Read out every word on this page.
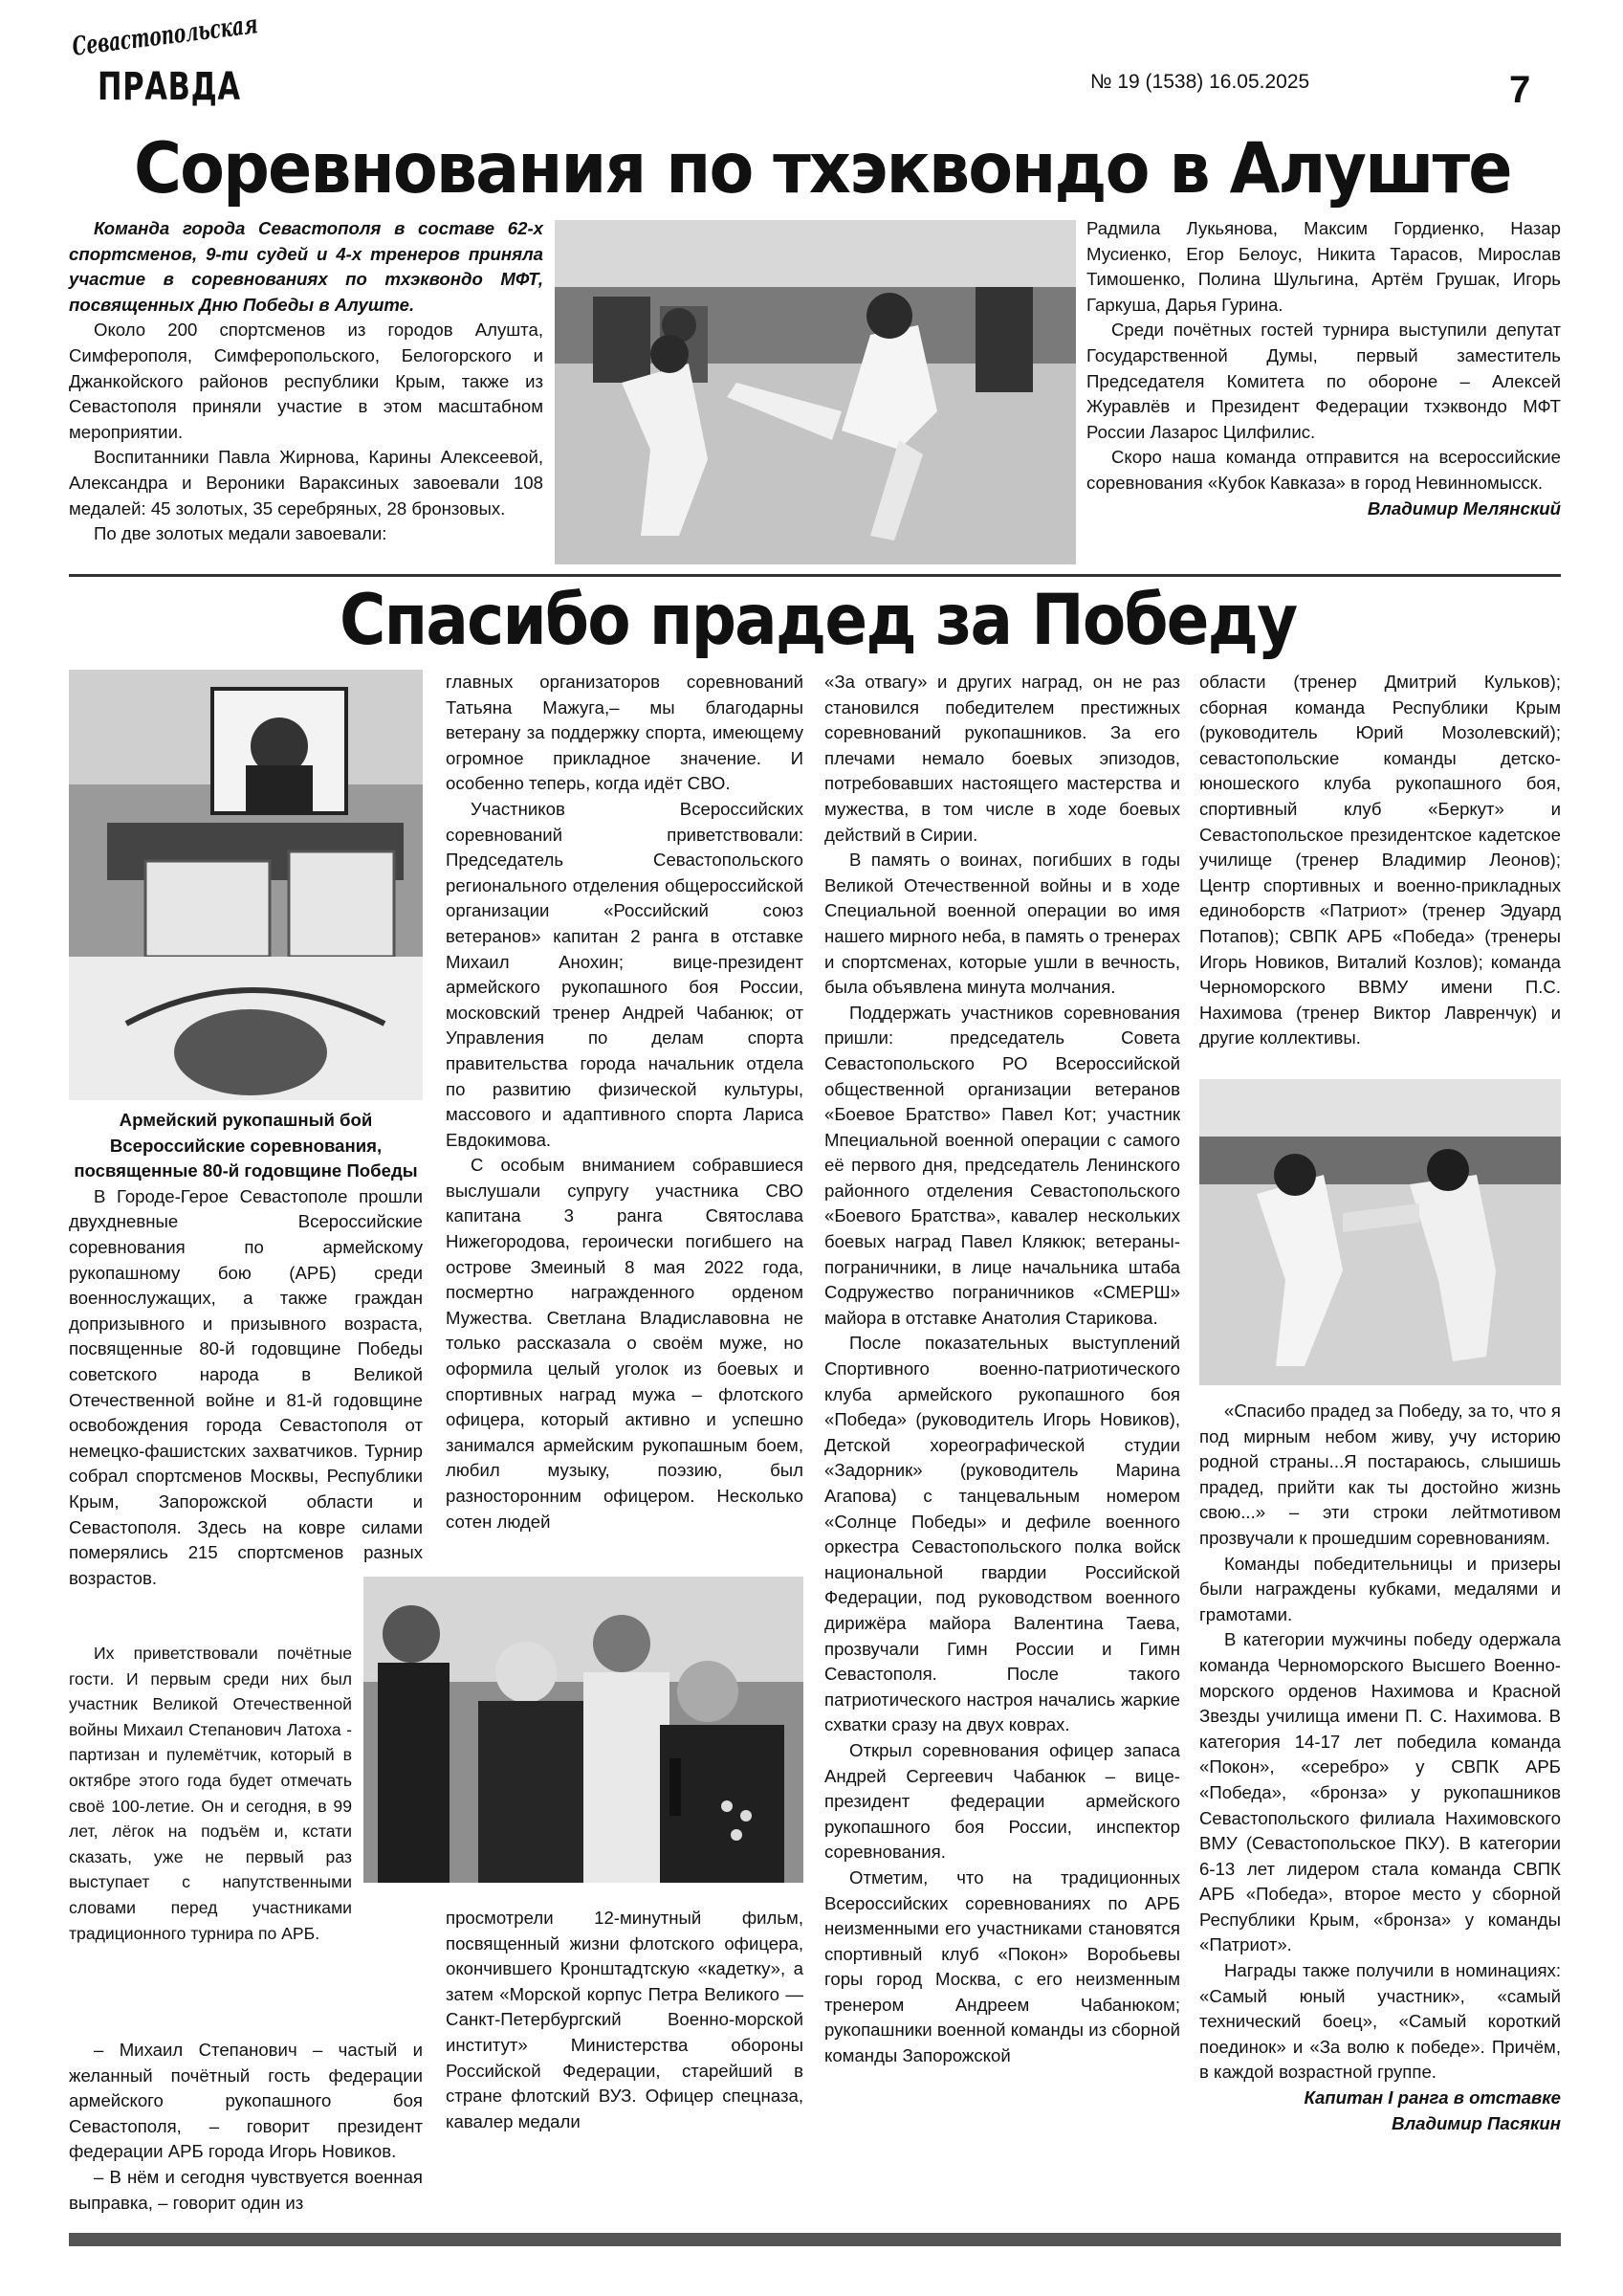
Севастопольская
ПРАВДА	№ 19 (1538) 16.05.2025	7
Соревнования по тхэквондо в Алуште

Команда города Севастополя в составе 62-х спортсменов, 9-ти судей и 4-х тренеров приняла участие в соревнованиях по тхэквондо МФТ, посвященных Дню Победы в Алуште.

Около 200 спортсменов из городов Алушта, Симферополя, Симферопольского, Белогорского и Джанкойского районов республики Крым, также из Севастополя приняли участие в этом масштабном мероприятии.

Воспитанники Павла Жирнова, Карины Алексеевой, Александра и Вероники Вараксиных завоевали 108 медалей: 45 золотых, 35 серебряных, 28 бронзовых.

По две золотых медали завоевали:

Радмила Лукьянова, Максим Гордиенко, Назар Мусиенко, Егор Белоус, Никита Тарасов, Мирослав Тимошенко, Полина Шульгина, Артём Грушак, Игорь Гаркуша, Дарья Гурина.

Среди почётных гостей турнира выступили депутат Государственной Думы, первый заместитель Председателя Комитета по обороне – Алексей Журавлёв и Президент Федерации тхэквондо МФТ России Лазарос Цилфилис.

Скоро наша команда отправится на всероссийские соревнования «Кубок Кавказа» в город Невинномысск.

Владимир Мелянский

Спасибо прадед за Победу

Армейский рукопашный бой Всероссийские соревнования, посвященные 80-й годовщине Победы

В Городе-Герое Севастополе прошли двухдневные Всероссийские соревнования по армейскому рукопашному бою (АРБ) среди военнослужащих, а также граждан допризывного и призывного возраста, посвященные 80-й годовщине Победы советского народа в Великой Отечественной войне и 81-й годовщине освобождения города Севастополя от немецко-фашистских захватчиков. Турнир собрал спортсменов Москвы, Республики Крым, Запорожской области и Севастополя. Здесь на ковре силами померялись 215 спортсменов разных возрастов.

Их приветствовали почётные гости. И первым среди них был участник Великой Отечественной войны Михаил Степанович Латоха - партизан и пулемётчик, который в октябре этого года будет отмечать своё 100-летие. Он и сегодня, в 99 лет, лёгок на подъём и, кстати сказать, уже не первый раз выступает с напутственными словами перед участниками традиционного турнира по АРБ.

– Михаил Степанович – частый и желанный почётный гость федерации армейского рукопашного боя Севастополя, – говорит президент федерации АРБ города Игорь Новиков.

– В нём и сегодня чувствуется военная выправка, – говорит один из

главных организаторов соревнований Татьяна Мажуга,– мы благодарны ветерану за поддержку спорта, имеющему огромное прикладное значение. И особенно теперь, когда идёт СВО.

Участников Всероссийских соревнований приветствовали: Председатель Севастопольского регионального отделения общероссийской организации «Российский союз ветеранов» капитан 2 ранга в отставке Михаил Анохин; вице-президент армейского рукопашного боя России, московский тренер Андрей Чабанюк; от Управления по делам спорта правительства города начальник отдела по развитию физической культуры, массового и адаптивного спорта Лариса Евдокимова.

С особым вниманием собравшиеся выслушали супругу участника СВО капитана 3 ранга Святослава Нижегородова, героически погибшего на острове Змеиный 8 мая 2022 года, посмертно награжденного орденом Мужества. Светлана Владиславовна не только рассказала о своём муже, но оформила целый уголок из боевых и спортивных наград мужа – флотского офицера, который активно и успешно занимался армейским рукопашным боем, любил музыку, поэзию, был разносторонним офицером. Несколько сотен людей

просмотрели 12-минутный фильм, посвященный жизни флотского офицера, окончившего Кронштадтскую «кадетку», а затем «Морской корпус Петра Великого — Санкт-Петербургский Военно-морской институт» Министерства обороны Российской Федерации, старейший в стране флотский ВУЗ. Офицер спецназа, кавалер медали

«За отвагу» и других наград, он не раз становился победителем престижных соревнований рукопашников. За его плечами немало боевых эпизодов, потребовавших настоящего мастерства и мужества, в том числе в ходе боевых действий в Сирии.

В память о воинах, погибших в годы Великой Отечественной войны и в ходе Специальной военной операции во имя нашего мирного неба, в память о тренерах и спортсменах, которые ушли в вечность, была объявлена минута молчания.

Поддержать участников соревнования пришли: председатель Совета Севастопольского РО Всероссийской общественной организации ветеранов «Боевое Братство» Павел Кот; участник Мпециальной военной операции с самого её первого дня, председатель Ленинского районного отделения Севастопольского «Боевого Братства», кавалер нескольких боевых наград Павел Клякюк; ветераны-пограничники, в лице начальника штаба Содружество пограничников «СМЕРШ» майора в отставке Анатолия Старикова.

После показательных выступлений Спортивного военно-патриотического клуба армейского рукопашного боя «Победа» (руководитель Игорь Новиков), Детской хореографической студии «Задорник» (руководитель Марина Агапова) с танцевальным номером «Солнце Победы» и дефиле военного оркестра Севастопольского полка войск национальной гвардии Российской Федерации, под руководством военного дирижёра майора Валентина Таева, прозвучали Гимн России и Гимн Севастополя. После такого патриотического настроя начались жаркие схватки сразу на двух коврах.

Открыл соревнования офицер запаса Андрей Сергеевич Чабанюк – вице-президент федерации армейского рукопашного боя России, инспектор соревнования.

Отметим, что на традиционных Всероссийских соревнованиях по АРБ неизменными его участниками становятся спортивный клуб «Покон» Воробьевы горы город Москва, с его неизменным тренером Андреем Чабанюком; рукопашники военной команды из сборной команды Запорожской

области (тренер Дмитрий Кульков); сборная команда Республики Крым (руководитель Юрий Мозолевский); севастопольские команды детско-юношеского клуба рукопашного боя, спортивный клуб «Беркут» и Севастопольское президентское кадетское училище (тренер Владимир Леонов); Центр спортивных и военно-прикладных единоборств «Патриот» (тренер Эдуард Потапов); СВПК АРБ «Победа» (тренеры Игорь Новиков, Виталий Козлов); команда Черноморского ВВМУ имени П.С. Нахимова (тренер Виктор Лавренчук) и другие коллективы.

«Спасибо прадед за Победу, за то, что я под мирным небом живу, учу историю родной страны...Я постараюсь, слышишь прадед, прийти как ты достойно жизнь свою...» – эти строки лейтмотивом прозвучали к прошедшим соревнованиям.

Команды победительницы и призеры были награждены кубками, медалями и грамотами.

В категории мужчины победу одержала команда Черноморского Высшего Военно-морского орденов Нахимова и Красной Звезды училища имени П. С. Нахимова. В категория 14-17 лет победила команда «Покон», «серебро» у СВПК АРБ «Победа», «бронза» у рукопашников Севастопольского филиала Нахимовского ВМУ (Севастопольское ПКУ). В категории 6-13 лет лидером стала команда СВПК АРБ «Победа», второе место у сборной Республики Крым, «бронза» у команды «Патриот».

Награды также получили в номинациях: «Самый юный участник», «самый технический боец», «Самый короткий поединок» и «За волю к победе». Причём, в каждой возрастной группе.

Капитан I ранга в отставке

Владимир Пасякин
